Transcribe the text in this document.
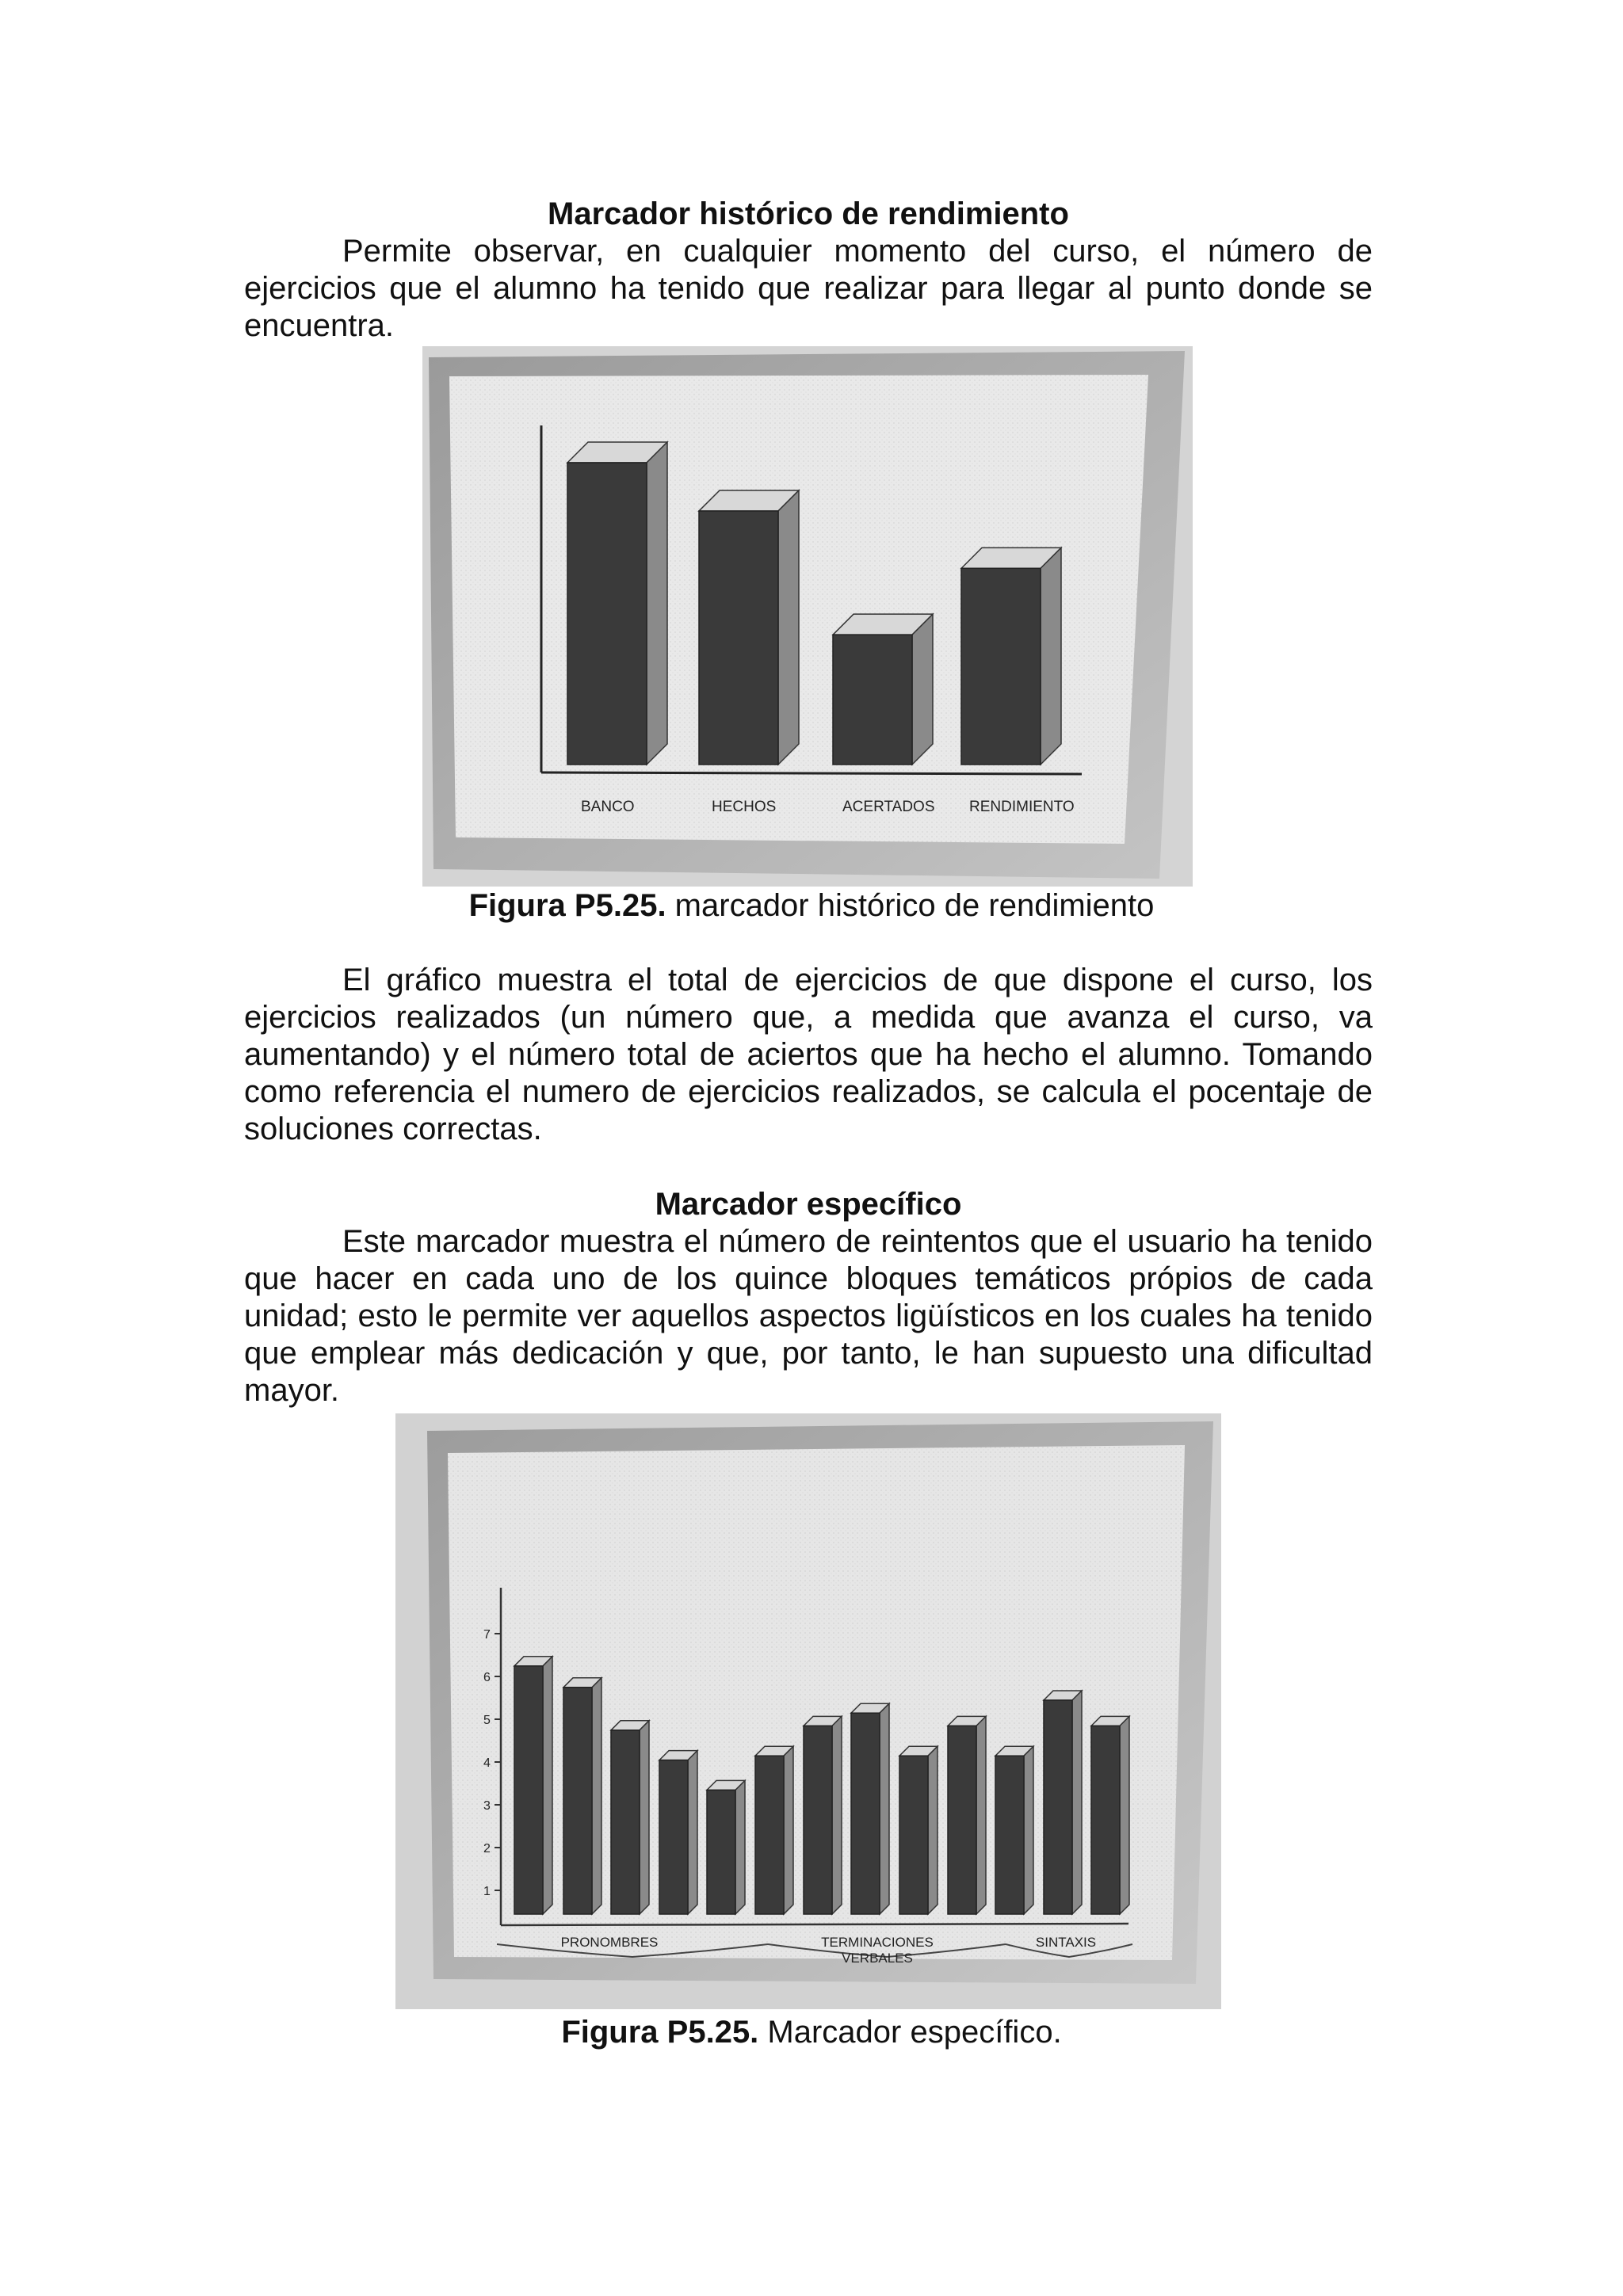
Marcador histórico de rendimiento
Permite observar, en cualquier momento del curso, el número de ejercicios que el alumno ha tenido que realizar para llegar al punto donde se encuentra.
BANCO	HECHOS	ACERTADOS RENDIMIENTO
Figura P5.25. marcador histórico de rendimiento
El gráfico muestra el total de ejercicios de que dispone el curso, los ejercicios realizados (un número que, a medida que avanza el curso, va aumentando) y el número total de aciertos que ha hecho el alumno. Tomando como referencia el numero de ejercicios realizados, se calcula el pocentaje de soluciones correctas.
Marcador específico
Este marcador muestra el número de reintentos que el usuario ha tenido que hacer en cada uno de los quince bloques temáticos própios de cada unidad; esto le permite ver aquellos aspectos ligüísticos en los cuales ha tenido que emplear más dedicación y que, por tanto, le han supuesto una dificultad mayor.
1
2
3
4
5
6
7
PRONOMBRES	TERMINACIONES
VERBALES
SINTAXIS
Figura P5.25. Marcador específico.
